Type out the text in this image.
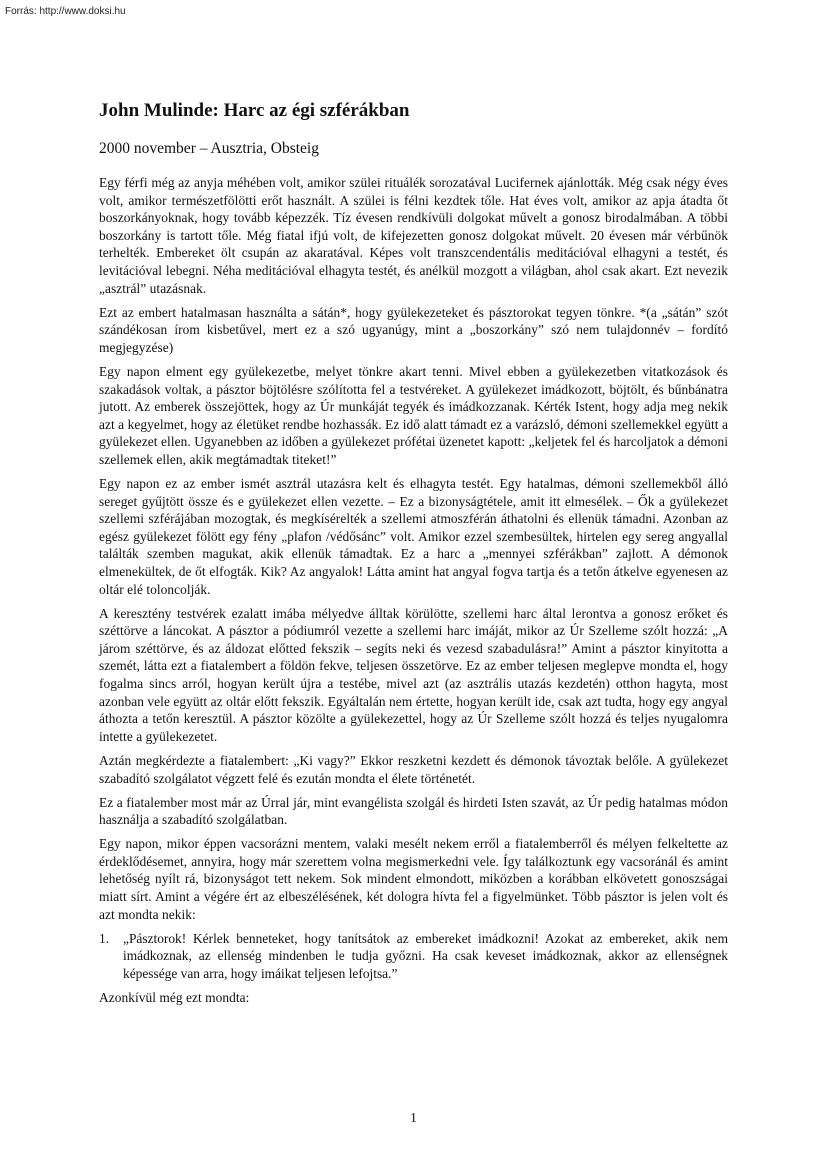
Forrás: http://www.doksi.hu
John Mulinde: Harc az égi szférákban

2000 november – Ausztria, Obsteig

Egy férfi még az anyja méhében volt, amikor szülei rituálék sorozatával Lucifernek ajánlották. Még csak négy éves volt, amikor természetfölötti erőt használt. A szülei is félni kezdtek tőle. Hat éves volt, amikor az apja átadta őt boszorkányoknak, hogy tovább képezzék. Tíz évesen rendkívüli dolgokat művelt a gonosz birodalmában. A többi boszorkány is tartott tőle. Még fiatal ifjú volt, de kifejezetten gonosz dolgokat művelt. 20 évesen már vérbűnök terhelték. Embereket ölt csupán az akaratával. Képes volt transzcendentális meditációval elhagyni a testét, és levitációval lebegni. Néha meditációval elhagyta testét, és anélkül mozgott a világban, ahol csak akart. Ezt nevezik „asztrál” utazásnak.

Ezt az embert hatalmasan használta a sátán*, hogy gyülekezeteket és pásztorokat tegyen tönkre. *(a „sátán” szót szándékosan írom kisbetűvel, mert ez a szó ugyanúgy, mint a „boszorkány” szó nem tulajdonnév – fordító megjegyzése)

Egy napon elment egy gyülekezetbe, melyet tönkre akart tenni. Mivel ebben a gyülekezetben vitatkozások és szakadások voltak, a pásztor böjtölésre szólította fel a testvéreket. A gyülekezet imádkozott, böjtölt, és bűnbánatra jutott. Az emberek összejöttek, hogy az Úr munkáját tegyék és imádkozzanak. Kérték Istent, hogy adja meg nekik azt a kegyelmet, hogy az életüket rendbe hozhassák. Ez idő alatt támadt ez a varázsló, démoni szellemekkel együtt a gyülekezet ellen. Ugyanebben az időben a gyülekezet prófétai üzenetet kapott: „keljetek fel és harcoljatok a démoni szellemek ellen, akik megtámadtak titeket!”

Egy napon ez az ember ismét asztrál utazásra kelt és elhagyta testét. Egy hatalmas, démoni szellemekből álló sereget gyűjtött össze és e gyülekezet ellen vezette. – Ez a bizonyságtétele, amit itt elmesélek. – Ők a gyülekezet szellemi szférájában mozogtak, és megkísérelték a szellemi atmoszférán áthatolni és ellenük támadni. Azonban az egész gyülekezet fölött egy fény „plafon /védősánc” volt. Amikor ezzel szembesültek, hirtelen egy sereg angyallal találták szemben magukat, akik ellenük támadtak. Ez a harc a „mennyei szférákban” zajlott. A démonok elmenekültek, de őt elfogták. Kik? Az angyalok! Látta amint hat angyal fogva tartja és a tetőn átkelve egyenesen az oltár elé toloncolják.

A keresztény testvérek ezalatt imába mélyedve álltak körülötte, szellemi harc által lerontva a gonosz erőket és széttörve a láncokat. A pásztor a pódiumról vezette a szellemi harc imáját, mikor az Úr Szelleme szólt hozzá: „A járom széttörve, és az áldozat előtted fekszik – segíts neki és vezesd szabadulásra!” Amint a pásztor kinyitotta a szemét, látta ezt a fiatalembert a földön fekve, teljesen összetörve. Ez az ember teljesen meglepve mondta el, hogy fogalma sincs arról, hogyan került újra a testébe, mivel azt (az asztrális utazás kezdetén) otthon hagyta, most azonban vele együtt az oltár előtt fekszik. Egyáltalán nem értette, hogyan került ide, csak azt tudta, hogy egy angyal áthozta a tetőn keresztül. A pásztor közölte a gyülekezettel, hogy az Úr Szelleme szólt hozzá és teljes nyugalomra intette a gyülekezetet.

Aztán megkérdezte a fiatalembert: „Ki vagy?” Ekkor reszketni kezdett és démonok távoztak belőle. A gyülekezet szabadító szolgálatot végzett felé és ezután mondta el élete történetét.

Ez a fiatalember most már az Úrral jár, mint evangélista szolgál és hirdeti Isten szavát, az Úr pedig hatalmas módon használja a szabadító szolgálatban.

Egy napon, mikor éppen vacsorázni mentem, valaki mesélt nekem erről a fiatalemberről és mélyen felkeltette az érdeklődésemet, annyira, hogy már szerettem volna megismerkedni vele. Így találkoztunk egy vacsoránál és amint lehetőség nyílt rá, bizonyságot tett nekem. Sok mindent elmondott, miközben a korábban elkövetett gonoszságai miatt sírt. Amint a végére ért az elbeszélésének, két dologra hívta fel a figyelmünket. Több pásztor is jelen volt és azt mondta nekik:

1.	„Pásztorok! Kérlek benneteket, hogy tanítsátok az embereket imádkozni! Azokat az embereket, akik nem imádkoznak, az ellenség mindenben le tudja győzni. Ha csak keveset imádkoznak, akkor az ellenségnek képessége van arra, hogy imáikat teljesen lefojtsa.”

Azonkívül még ezt mondta:

1
